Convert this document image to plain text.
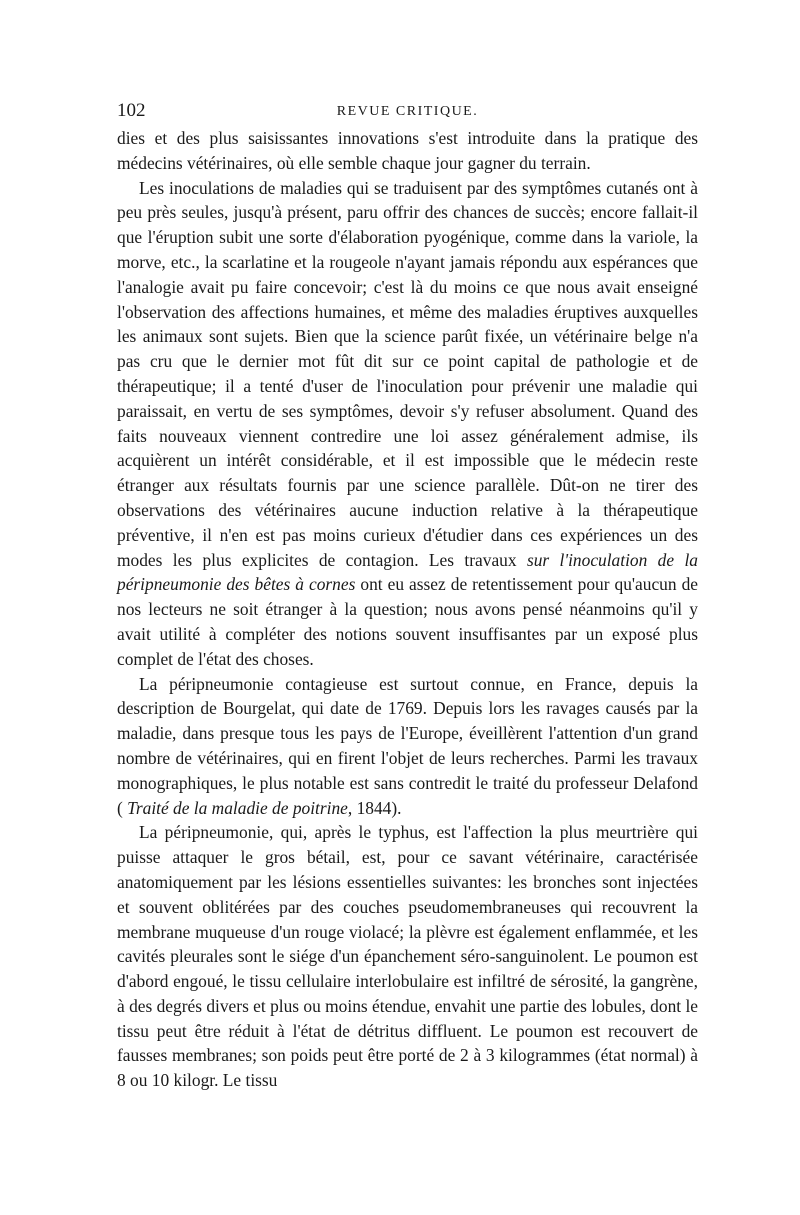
102	REVUE CRITIQUE.

dies et des plus saisissantes innovations s'est introduite dans la pratique des médecins vétérinaires, où elle semble chaque jour gagner du terrain.

Les inoculations de maladies qui se traduisent par des symptômes cutanés ont à peu près seules, jusqu'à présent, paru offrir des chances de succès; encore fallait-il que l'éruption subit une sorte d'élaboration pyogénique, comme dans la variole, la morve, etc., la scarlatine et la rougeole n'ayant jamais répondu aux espérances que l'analogie avait pu faire concevoir; c'est là du moins ce que nous avait enseigné l'observation des affections humaines, et même des maladies éruptives auxquelles les animaux sont sujets. Bien que la science parût fixée, un vétérinaire belge n'a pas cru que le dernier mot fût dit sur ce point capital de pathologie et de thérapeutique; il a tenté d'user de l'inoculation pour prévenir une maladie qui paraissait, en vertu de ses symptômes, devoir s'y refuser absolument. Quand des faits nouveaux viennent contredire une loi assez généralement admise, ils acquièrent un intérêt considérable, et il est impossible que le médecin reste étranger aux résultats fournis par une science parallèle. Dût-on ne tirer des observations des vétérinaires aucune induction relative à la thérapeutique préventive, il n'en est pas moins curieux d'étudier dans ces expériences un des modes les plus explicites de contagion. Les travaux sur l'inoculation de la péripneumonie des bêtes à cornes ont eu assez de retentissement pour qu'aucun de nos lecteurs ne soit étranger à la question; nous avons pensé néanmoins qu'il y avait utilité à compléter des notions souvent insuffisantes par un exposé plus complet de l'état des choses.

La péripneumonie contagieuse est surtout connue, en France, depuis la description de Bourgelat, qui date de 1769. Depuis lors les ravages causés par la maladie, dans presque tous les pays de l'Europe, éveillèrent l'attention d'un grand nombre de vétérinaires, qui en firent l'objet de leurs recherches. Parmi les travaux monographiques, le plus notable est sans contredit le traité du professeur Delafond ( Traité de la maladie de poitrine, 1844).

La péripneumonie, qui, après le typhus, est l'affection la plus meurtrière qui puisse attaquer le gros bétail, est, pour ce savant vétérinaire, caractérisée anatomiquement par les lésions essentielles suivantes: les bronches sont injectées et souvent oblitérées par des couches pseudomembraneuses qui recouvrent la membrane muqueuse d'un rouge violacé; la plèvre est également enflammée, et les cavités pleurales sont le siége d'un épanchement séro-sanguinolent. Le poumon est d'abord engoué, le tissu cellulaire interlobulaire est infiltré de sérosité, la gangrène, à des degrés divers et plus ou moins étendue, envahit une partie des lobules, dont le tissu peut être réduit à l'état de détritus diffluent. Le poumon est recouvert de fausses membranes; son poids peut être porté de 2 à 3 kilogrammes (état normal) à 8 ou 10 kilogr. Le tissu
